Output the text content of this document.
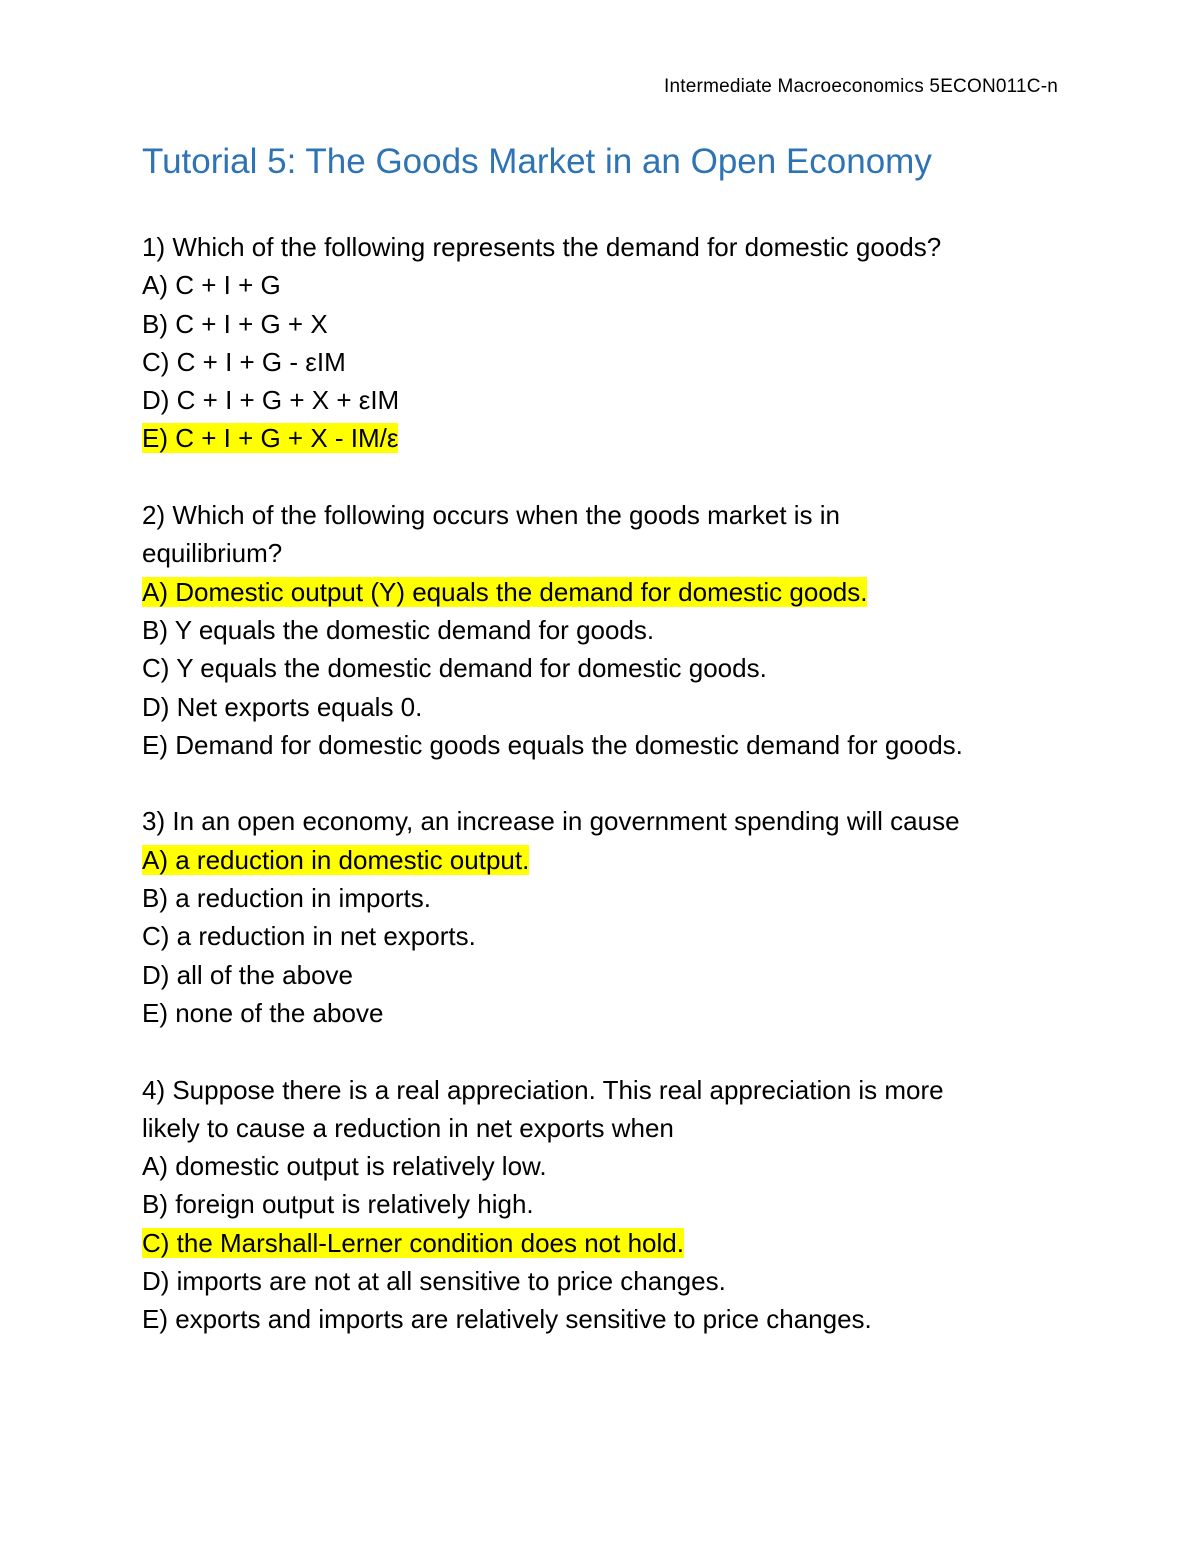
Intermediate Macroeconomics 5ECON011C-n
Tutorial 5: The Goods Market in an Open Economy
1) Which of the following represents the demand for domestic goods?
A) C + I + G
B) C + I + G + X
C) C + I + G - εIM
D) C + I + G + X + εIM
E) C + I + G + X - IM/ε
2) Which of the following occurs when the goods market is in
equilibrium?
A) Domestic output (Y) equals the demand for domestic goods.
B) Y equals the domestic demand for goods.
C) Y equals the domestic demand for domestic goods.
D) Net exports equals 0.
E) Demand for domestic goods equals the domestic demand for goods.
3) In an open economy, an increase in government spending will cause
A) a reduction in domestic output.
B) a reduction in imports.
C) a reduction in net exports.
D) all of the above
E) none of the above
4) Suppose there is a real appreciation. This real appreciation is more
likely to cause a reduction in net exports when
A) domestic output is relatively low.
B) foreign output is relatively high.
C) the Marshall-Lerner condition does not hold.
D) imports are not at all sensitive to price changes.
E) exports and imports are relatively sensitive to price changes.
